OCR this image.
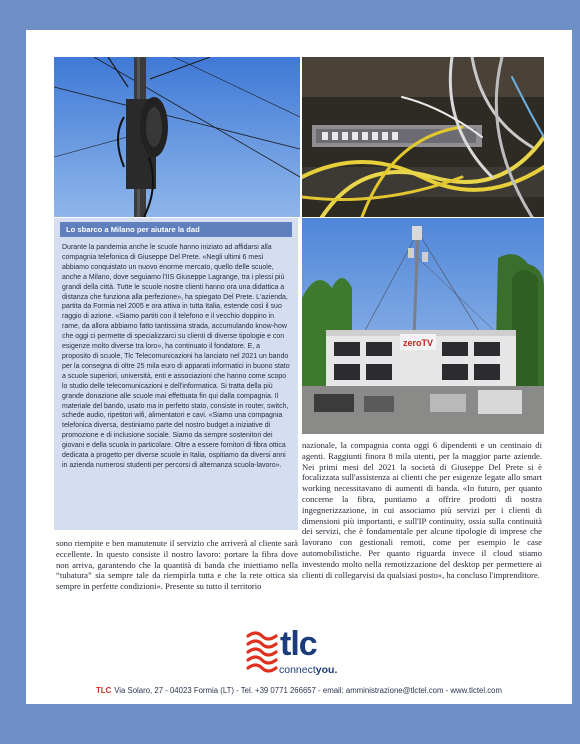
Lo sbarco a Milano per aiutare la dad

Durante la pandemia anche le scuole hanno iniziato ad affidarsi alla compagnia telefonica di Giuseppe Del Prete. «Negli ultimi 6 mesi abbiamo conquistato un nuovo enorme mercato, quello delle scuole, anche a Milano, dove seguiamo l'IIS Giuseppe Lagrange, tra i plessi più grandi della città. Tutte le scuole nostre clienti hanno ora una didattica a distanza che funziona alla perfezione», ha spiegato Del Prete. L'azienda, partita da Formia nel 2005 e ora attiva in tutta Italia, estende così il suo raggio di azione. «Siamo partiti con il telefono e il vecchio doppino in rame, da allora abbiamo fatto tantissima strada, accumulando know-how che oggi ci permette di specializzarci su clienti di diverse tipologie e con esigenze molto diverse tra loro», ha continuato il fondatore. E, a proposito di scuole, Tlc Telecomunicazioni ha lanciato nel 2021 un bando per la consegna di oltre 25 mila euro di apparati informatici in buono stato a scuole superiori, università, enti e associazioni che hanno come scopo lo studio delle telecomunicazioni e dell'informatica. Si tratta della più grande donazione alle scuole mai effettuata fin qui dalla compagnia. Il materiale del bando, usato ma in perfetto stato, consiste in router, switch, schede audio, ripetitori wifi, alimentatori e cavi. «Siamo una compagnia telefonica diversa, destiniamo parte del nostro budget a iniziative di promozione e di inclusione sociale. Siamo da sempre sostenitori dei giovani e della scuola in particolare. Oltre a essere fornitori di fibra ottica dedicata a progetto per diverse scuole in Italia, ospitiamo da diversi anni in azienda numerosi studenti per percorsi di alternanza scuola-lavoro».

zeroTV

sono riempite e ben manutenute il servizio che arriverà al cliente sarà eccellente. In questo consiste il nostro lavoro: portare la fibra dove non arriva, garantendo che la quantità di banda che iniettiamo nella “tubatura” sia sempre tale da riempirla tutta e che la rete ottica sia sempre in perfette condizioni». Presente su tutto il territorio

nazionale, la compagnia conta oggi 6 dipendenti e un centinaio di agenti. Raggiunti finora 8 mila utenti, per la maggior parte aziende. Nei primi mesi del 2021 la società di Giuseppe Del Prete si è focalizzata sull'assistenza ai clienti che per esigenze legate allo smart working necessitavano di aumenti di banda. «In futuro, per quanto concerne la fibra, puntiamo a offrire prodotti di nostra ingegnerizzazione, in cui associamo più servizi per i clienti di dimensioni più importanti, e sull'IP continuity, ossia sulla continuità dei servizi, che è fondamentale per alcune tipologie di imprese che lavorano con gestionali remoti, come per esempio le case automobilistiche. Per quanto riguarda invece il cloud stiamo investendo molto nella remotizzazione del desktop per permettere ai clienti di collegarvisi da qualsiasi posto», ha concluso l'imprenditore.

tlc
connectyou.
TLC Via Solaro, 27 - 04023 Formia (LT) - Tel. +39 0771 266657 - email: amministrazione@tlctel.com - www.tlctel.com
